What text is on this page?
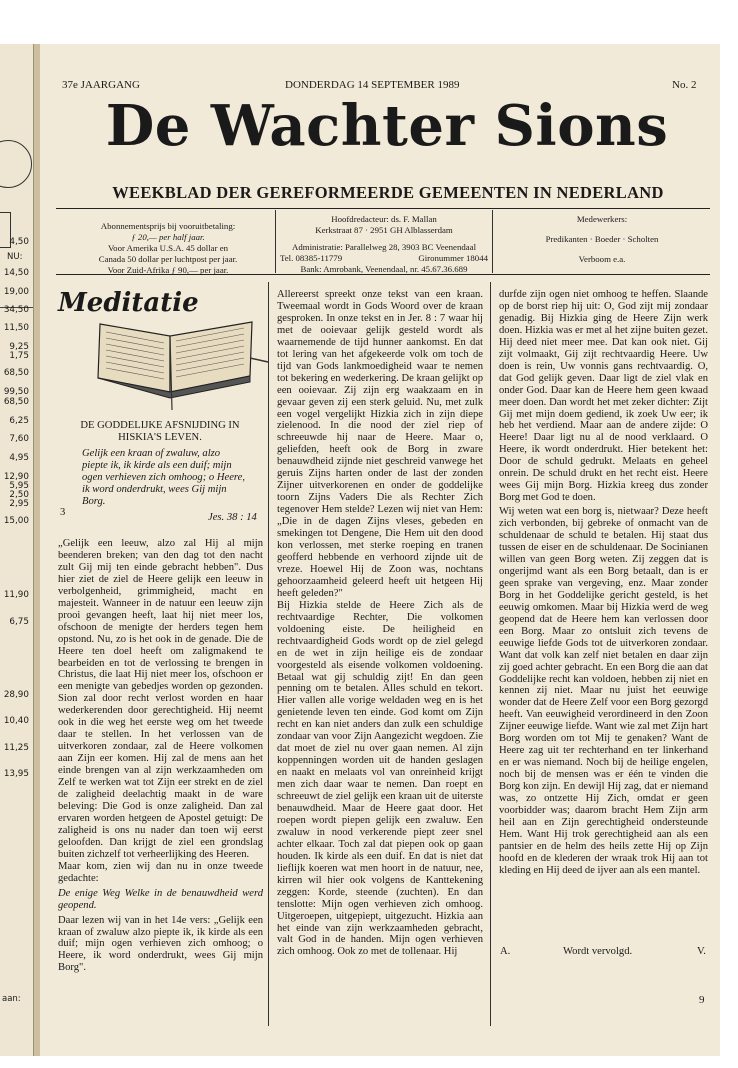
NU:
aan:
4,50
14,50
19,00
34,50
11,50
9,25
1,75
68,50
99,50
68,50
6,25
7,60
4,95
12,90
5,95
2,50
2,95
15,00
11,90
6,75
28,90
10,40
11,25
13,95
37e JAARGANG	DONDERDAG 14 SEPTEMBER 1989	No. 2
De Wachter Sions
WEEKBLAD DER GEREFORMEERDE GEMEENTEN IN NEDERLAND
Abonnementsprijs bij vooruitbetaling:
ƒ 20,— per half jaar.
Voor Amerika U.S.A. 45 dollar en
Canada 50 dollar per luchtpost per jaar.
Voor Zuid-Afrika ƒ 90,— per jaar.
Hoofdredacteur: ds. F. Mallan
Kerkstraat 87 · 2951 GH Alblasserdam
Administratie: Parallelweg 28, 3903 BC Veenendaal
Tel. 08385-11779	Gironummer 18044
Bank: Amrobank, Veenendaal, nr. 45.67.36.689
Medewerkers:
Predikanten · Boeder · Scholten
Verboom e.a.
Meditatie
DE GODDELIJKE AFSNIJDING IN
HISKIA'S LEVEN.
Gelijk een kraan of zwaluw, alzo
piepte ik, ik kirde als een duif; mijn
ogen verhieven zich omhoog; o Heere,
ik word onderdrukt, wees Gij mijn
Borg.
3	Jes. 38 : 14

„Gelijk een leeuw, alzo zal Hij al mijn beenderen breken; van den dag tot den nacht zult Gij mij ten einde gebracht hebben". Dus hier ziet de ziel de Heere gelijk een leeuw in verbolgenheid, grimmigheid, macht en majesteit. Wanneer in de natuur een leeuw zijn prooi gevangen heeft, laat hij niet meer los, ofschoon de menigte der herders tegen hem opstond. Nu, zo is het ook in de genade. Die de Heere ten doel heeft om zaligmakend te bearbeiden en tot de verlossing te brengen in Christus, die laat Hij niet meer los, ofschoon er een menigte van gebedjes worden op gezonden. Sion zal door recht verlost worden en haar wederkerenden door gerechtigheid. Hij neemt ook in die weg het eerste weg om het tweede daar te stellen. In het verlossen van de uitverkoren zondaar, zal de Heere volkomen aan Zijn eer komen. Hij zal de mens aan het einde brengen van al zijn werkzaamheden om Zelf te werken wat tot Zijn eer strekt en de ziel de zaligheid deelachtig maakt in de ware beleving: Die God is onze zaligheid. Dan zal ervaren worden hetgeen de Apostel getuigt: De zaligheid is ons nu nader dan toen wij eerst geloofden. Dan krijgt de ziel een grondslag buiten zichzelf tot verheerlijking des Heeren.

Maar kom, zien wij dan nu in onze tweede gedachte:

De enige Weg Welke in de benauwdheid werd geopend.

Daar lezen wij van in het 14e vers: „Gelijk een kraan of zwaluw alzo piepte ik, ik kirde als een duif; mijn ogen verhieven zich omhoog; o Heere, ik word onderdrukt, wees Gij mijn Borg".

Allereerst spreekt onze tekst van een kraan. Tweemaal wordt in Gods Woord over de kraan gesproken. In onze tekst en in Jer. 8 : 7 waar hij met de ooievaar gelijk gesteld wordt als waarnemende de tijd hunner aankomst. En dat tot lering van het afgekeerde volk om toch de tijd van Gods lankmoedigheid waar te nemen tot bekering en wederkering. De kraan gelijkt op een ooievaar. Zij zijn erg waakzaam en in gevaar geven zij een sterk geluid. Nu, met zulk een vogel vergelijkt Hizkia zich in zijn diepe zielenood. In die nood der ziel riep of schreeuwde hij naar de Heere. Maar o, geliefden, heeft ook de Borg in zware benauwdheid zijnde niet geschreid vanwege het geruis Zijns harten onder de last der zonden Zijner uitverkorenen en onder de goddelijke toorn Zijns Vaders Die als Rechter Zich tegenover Hem stelde? Lezen wij niet van Hem: „Die in de dagen Zijns vleses, gebeden en smekingen tot Dengene, Die Hem uit den dood kon verlossen, met sterke roeping en tranen geofferd hebbende en verhoord zijnde uit de vreze. Hoewel Hij de Zoon was, nochtans gehoorzaamheid geleerd heeft uit hetgeen Hij heeft geleden?"

Bij Hizkia stelde de Heere Zich als de rechtvaardige Rechter, Die volkomen voldoening eiste. De heiligheid en rechtvaardigheid Gods wordt op de ziel gelegd en de wet in zijn heilige eis de zondaar voorgesteld als eisende volkomen voldoening. Betaal wat gij schuldig zijt! En dan geen penning om te betalen. Alles schuld en tekort. Hier vallen alle vorige weldaden weg en is het genietende leven ten einde. God komt om Zijn recht en kan niet anders dan zulk een schuldige zondaar van voor Zijn Aangezicht wegdoen. Zie dat moet de ziel nu over gaan nemen. Al zijn koppenningen worden uit de handen geslagen en naakt en melaats vol van onreinheid krijgt men zich daar waar te nemen. Dan roept en schreeuwt de ziel gelijk een kraan uit de uiterste benauwdheid. Maar de Heere gaat door. Het roepen wordt piepen gelijk een zwaluw. Een zwaluw in nood verkerende piept zeer snel achter elkaar. Toch zal dat piepen ook op gaan houden. Ik kirde als een duif. En dat is niet dat lieflijk koeren wat men hoort in de natuur, nee, kirren wil hier ook volgens de Kanttekening zeggen: Korde, steende (zuchten). En dan tenslotte: Mijn ogen verhieven zich omhoog. Uitgeroepen, uitgepiept, uitgezucht. Hizkia aan het einde van zijn werkzaamheden gebracht, valt God in de handen. Mijn ogen verhieven zich omhoog. Ook zo met de tollenaar. Hij

durfde zijn ogen niet omhoog te heffen. Slaande op de borst riep hij uit: O, God zijt mij zondaar genadig. Bij Hizkia ging de Heere Zijn werk doen. Hizkia was er met al het zijne buiten gezet. Hij deed niet meer mee. Dat kan ook niet. Gij zijt volmaakt, Gij zijt rechtvaardig Heere. Uw doen is rein, Uw vonnis gans rechtvaardig. O, dat God gelijk geven. Daar ligt de ziel vlak en onder God. Daar kan de Heere hem geen kwaad meer doen. Dan wordt het met zeker dichter: Zijt Gij met mijn doem gediend, ik zoek Uw eer; ik heb het verdiend. Maar aan de andere zijde: O Heere! Daar ligt nu al de nood verklaard. O Heere, ik wordt onderdrukt. Hier betekent het: Door de schuld gedrukt. Melaats en geheel onrein. De schuld drukt en het recht eist. Heere wees Gij mijn Borg. Hizkia kreeg dus zonder Borg met God te doen.

Wij weten wat een borg is, nietwaar? Deze heeft zich verbonden, bij gebreke of onmacht van de schuldenaar de schuld te betalen. Hij staat dus tussen de eiser en de schuldenaar. De Socinianen willen van geen Borg weten. Zij zeggen dat is ongerijmd want als een Borg betaalt, dan is er geen sprake van vergeving, enz. Maar zonder Borg in het Goddelijke gericht gesteld, is het eeuwig omkomen. Maar bij Hizkia werd de weg geopend dat de Heere hem kan verlossen door een Borg. Maar zo ontsluit zich tevens de eeuwige liefde Gods tot de uitverkoren zondaar. Want dat volk kan zelf niet betalen en daar zijn zij goed achter gebracht. En een Borg die aan dat Goddelijke recht kan voldoen, hebben zij niet en kennen zij niet. Maar nu juist het eeuwige wonder dat de Heere Zelf voor een Borg gezorgd heeft. Van eeuwigheid verordineerd in den Zoon Zijner eeuwige liefde. Want wie zal met Zijn hart Borg worden om tot Mij te genaken? Want de Heere zag uit ter rechterhand en ter linkerhand en er was niemand. Noch bij de heilige engelen, noch bij de mensen was er één te vinden die Borg kon zijn. En dewijl Hij zag, dat er niemand was, zo ontzette Hij Zich, omdat er geen voorbidder was; daarom bracht Hem Zijn arm heil aan en Zijn gerechtigheid ondersteunde Hem. Want Hij trok gerechtigheid aan als een pantsier en de helm des heils zette Hij op Zijn hoofd en de klederen der wraak trok Hij aan tot kleding en Hij deed de ijver aan als een mantel.

A.	Wordt vervolgd.	V.
9
